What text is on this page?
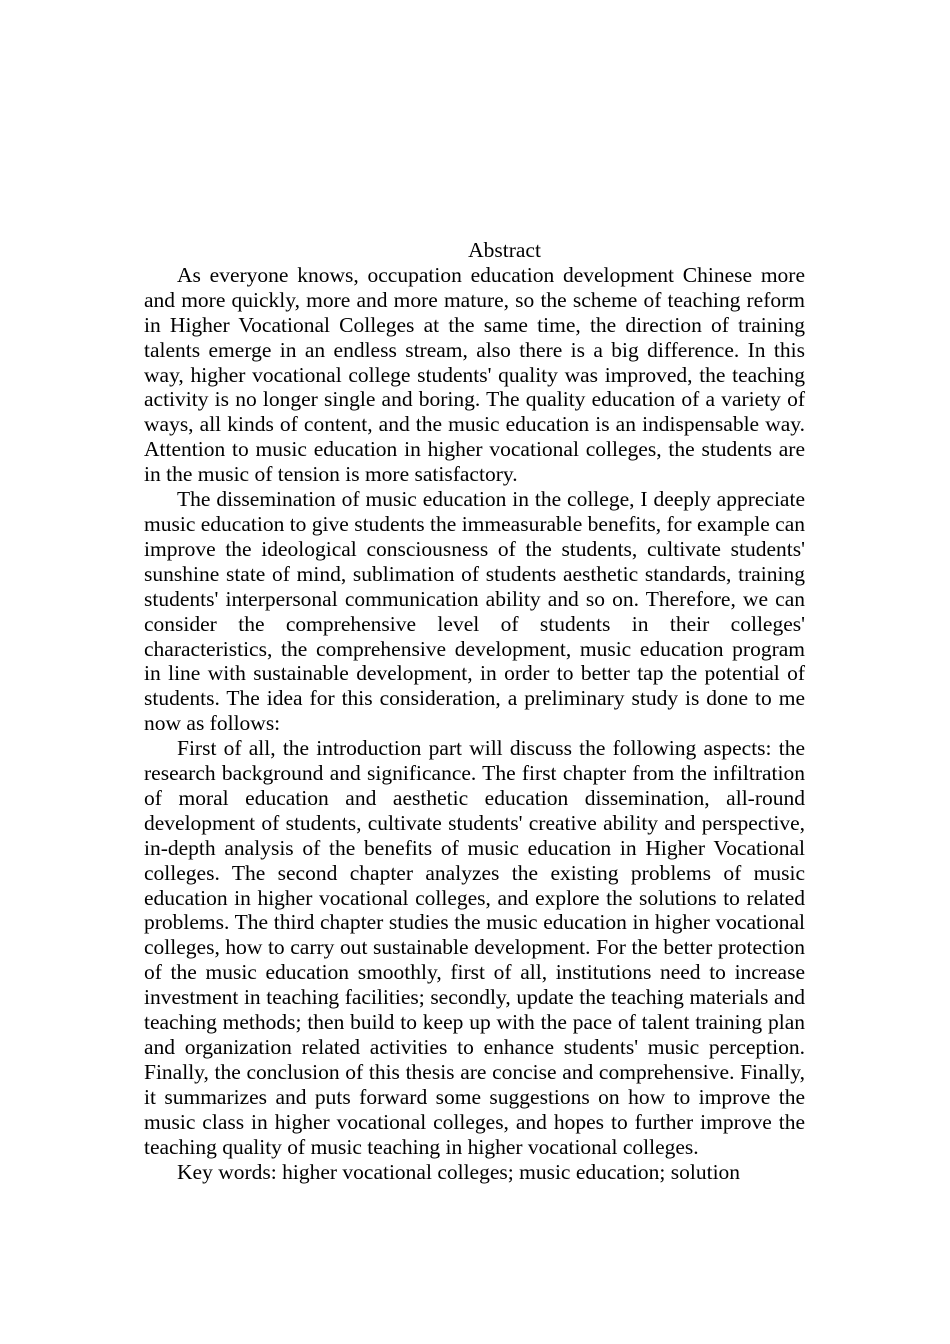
Abstract

As everyone knows, occupation education development Chinese more and more quickly, more and more mature, so the scheme of teaching reform in Higher Vocational Colleges at the same time, the direction of training talents emerge in an endless stream, also there is a big difference. In this way, higher vocational college students' quality was improved, the teaching activity is no longer single and boring. The quality education of a variety of ways, all kinds of content, and the music education is an indispensable way. Attention to music education in higher vocational colleges, the students are in the music of tension is more satisfactory.

The dissemination of music education in the college, I deeply appreciate music education to give students the immeasurable benefits, for example can improve the ideological consciousness of the students, cultivate students' sunshine state of mind, sublimation of students aesthetic standards, training students' interpersonal communication ability and so on. Therefore, we can consider the comprehensive level of students in their colleges' characteristics, the comprehensive development, music education program in line with sustainable development, in order to better tap the potential of students. The idea for this consideration, a preliminary study is done to me now as follows:

First of all, the introduction part will discuss the following aspects: the research background and significance. The first chapter from the infiltration of moral education and aesthetic education dissemination, all-round development of students, cultivate students' creative ability and perspective, in-depth analysis of the benefits of music education in Higher Vocational colleges. The second chapter analyzes the existing problems of music education in higher vocational colleges, and explore the solutions to related problems. The third chapter studies the music education in higher vocational colleges, how to carry out sustainable development. For the better protection of the music education smoothly, first of all, institutions need to increase investment in teaching facilities; secondly, update the teaching materials and teaching methods; then build to keep up with the pace of talent training plan and organization related activities to enhance students' music perception. Finally, the conclusion of this thesis are concise and comprehensive. Finally, it summarizes and puts forward some suggestions on how to improve the music class in higher vocational colleges, and hopes to further improve the teaching quality of music teaching in higher vocational colleges.

Key words: higher vocational colleges; music education; solution
